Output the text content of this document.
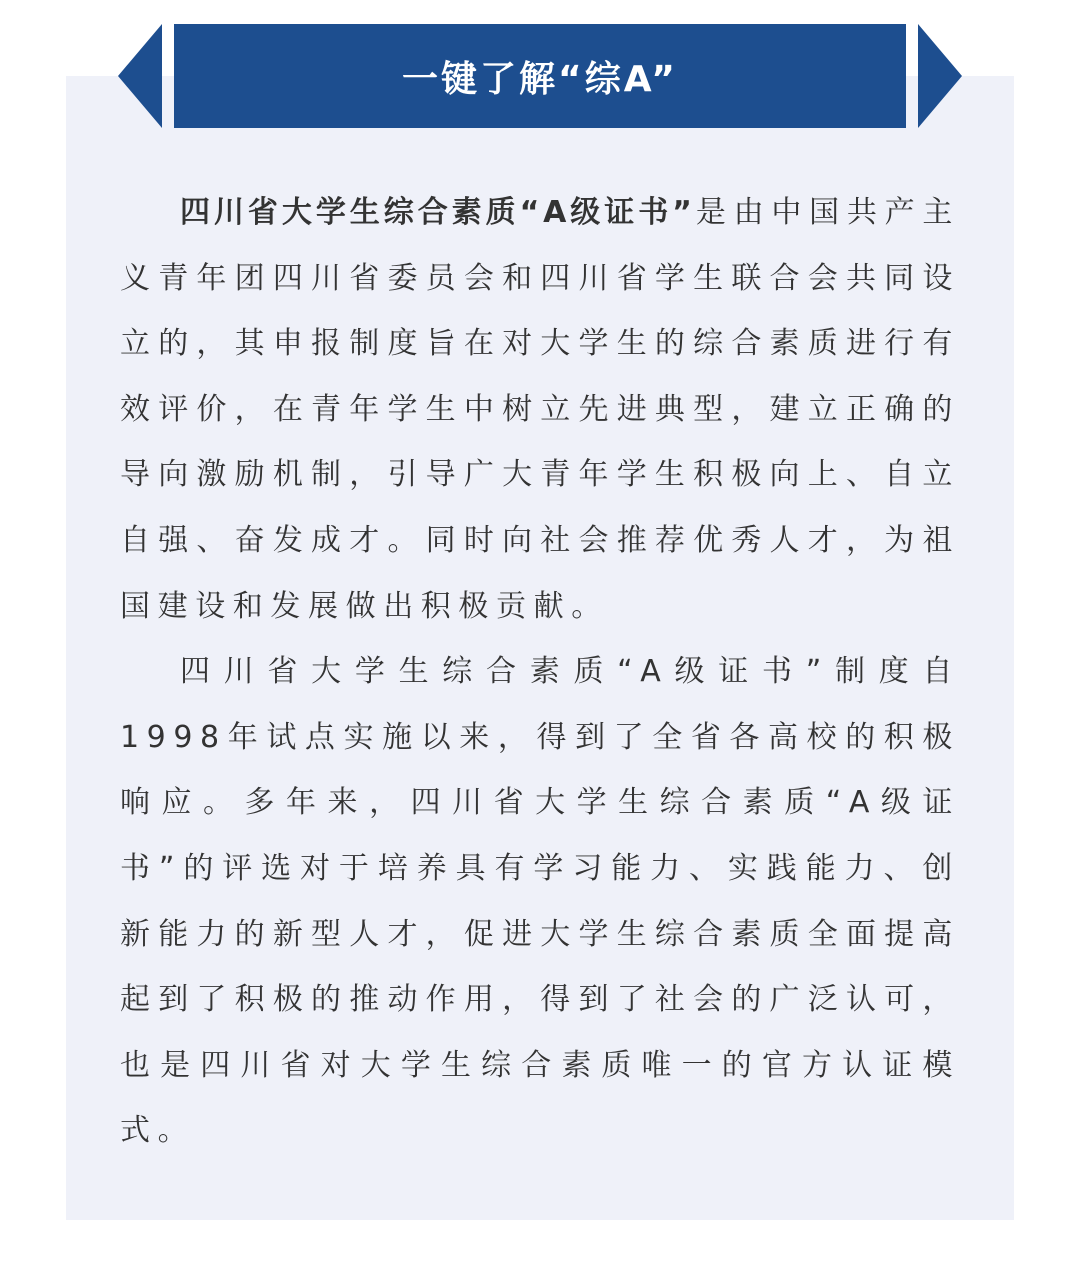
一键了解“综A”

四川省大学生综合素质“A级证书”是由中国共产主义青年团四川省委员会和四川省学生联合会共同设立的，其申报制度旨在对大学生的综合素质进行有效评价，在青年学生中树立先进典型，建立正确的导向激励机制，引导广大青年学生积极向上、自立自强、奋发成才。同时向社会推荐优秀人才，为祖国建设和发展做出积极贡献。

四川省大学生综合素质“A级证书”制度自1998年试点实施以来，得到了全省各高校的积极响应。多年来，四川省大学生综合素质“A级证书”的评选对于培养具有学习能力、实践能力、创新能力的新型人才，促进大学生综合素质全面提高起到了积极的推动作用，得到了社会的广泛认可，也是四川省对大学生综合素质唯一的官方认证模式。
